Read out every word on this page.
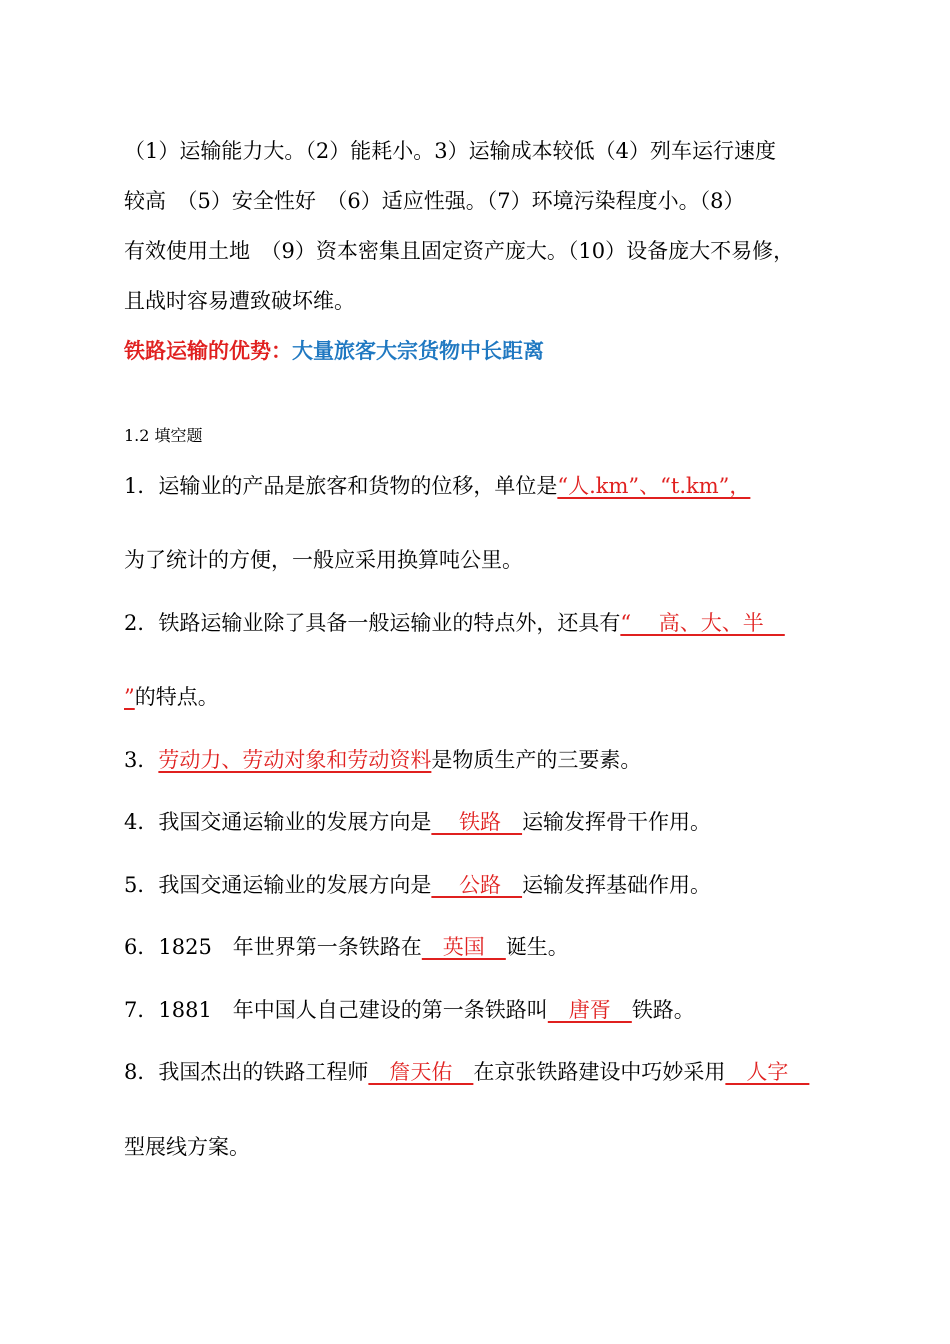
（1）运输能力大。（2）能耗小。3）运输成本较低（4）列车运行速度
较高　（5）安全性好　（6）适应性强。（7）环境污染程度小。（8）
有效使用土地　（9）资本密集且固定资产庞大。（10）设备庞大不易修，
且战时容易遭致破坏维。
铁路运输的优势：大量旅客大宗货物中长距离
1.2 填空题
1．运输业的产品是旅客和货物的位移，单位是“人.km”、“t.km”，
为了统计的方便，一般应采用换算吨公里。
2．铁路运输业除了具备一般运输业的特点外，还具有“　 高、大、半　
”的特点。
3．劳动力、劳动对象和劳动资料是物质生产的三要素。
4．我国交通运输业的发展方向是　 铁路　运输发挥骨干作用。
5．我国交通运输业的发展方向是　 公路　运输发挥基础作用。
6．1825　年世界第一条铁路在　英国　诞生。
7．1881　年中国人自己建设的第一条铁路叫　唐胥　铁路。
8．我国杰出的铁路工程师　詹天佑　在京张铁路建设中巧妙采用　人字　
型展线方案。
